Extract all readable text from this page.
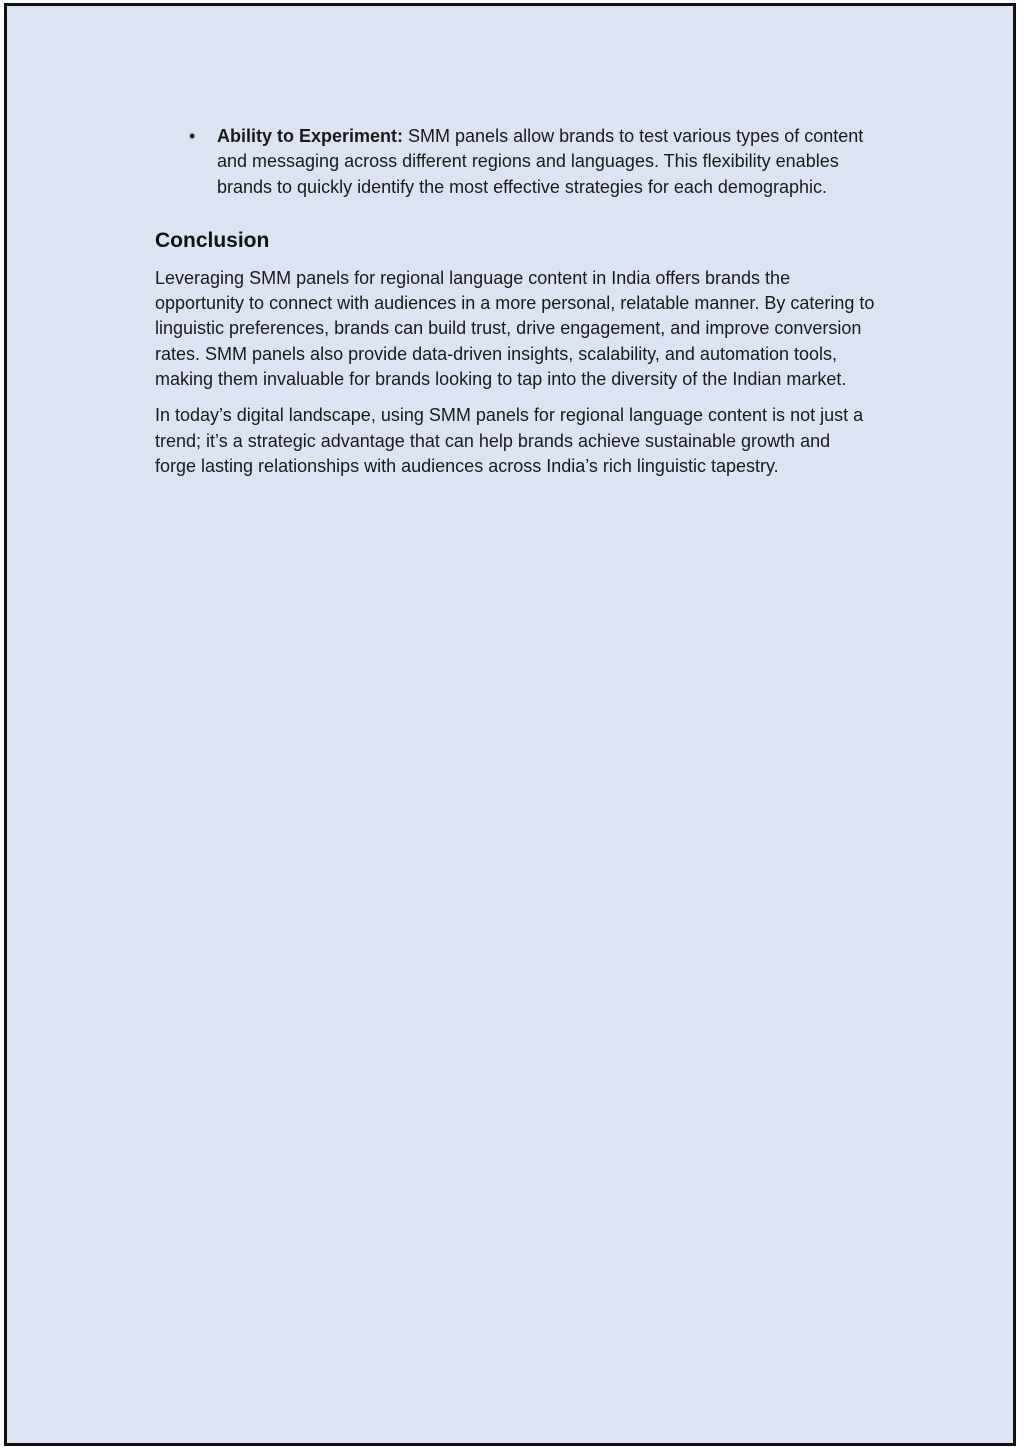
• Ability to Experiment: SMM panels allow brands to test various types of content and messaging across different regions and languages. This flexibility enables brands to quickly identify the most effective strategies for each demographic.
Conclusion

Leveraging SMM panels for regional language content in India offers brands the opportunity to connect with audiences in a more personal, relatable manner. By catering to linguistic preferences, brands can build trust, drive engagement, and improve conversion rates. SMM panels also provide data-driven insights, scalability, and automation tools, making them invaluable for brands looking to tap into the diversity of the Indian market.

In today’s digital landscape, using SMM panels for regional language content is not just a trend; it’s a strategic advantage that can help brands achieve sustainable growth and forge lasting relationships with audiences across India’s rich linguistic tapestry.
